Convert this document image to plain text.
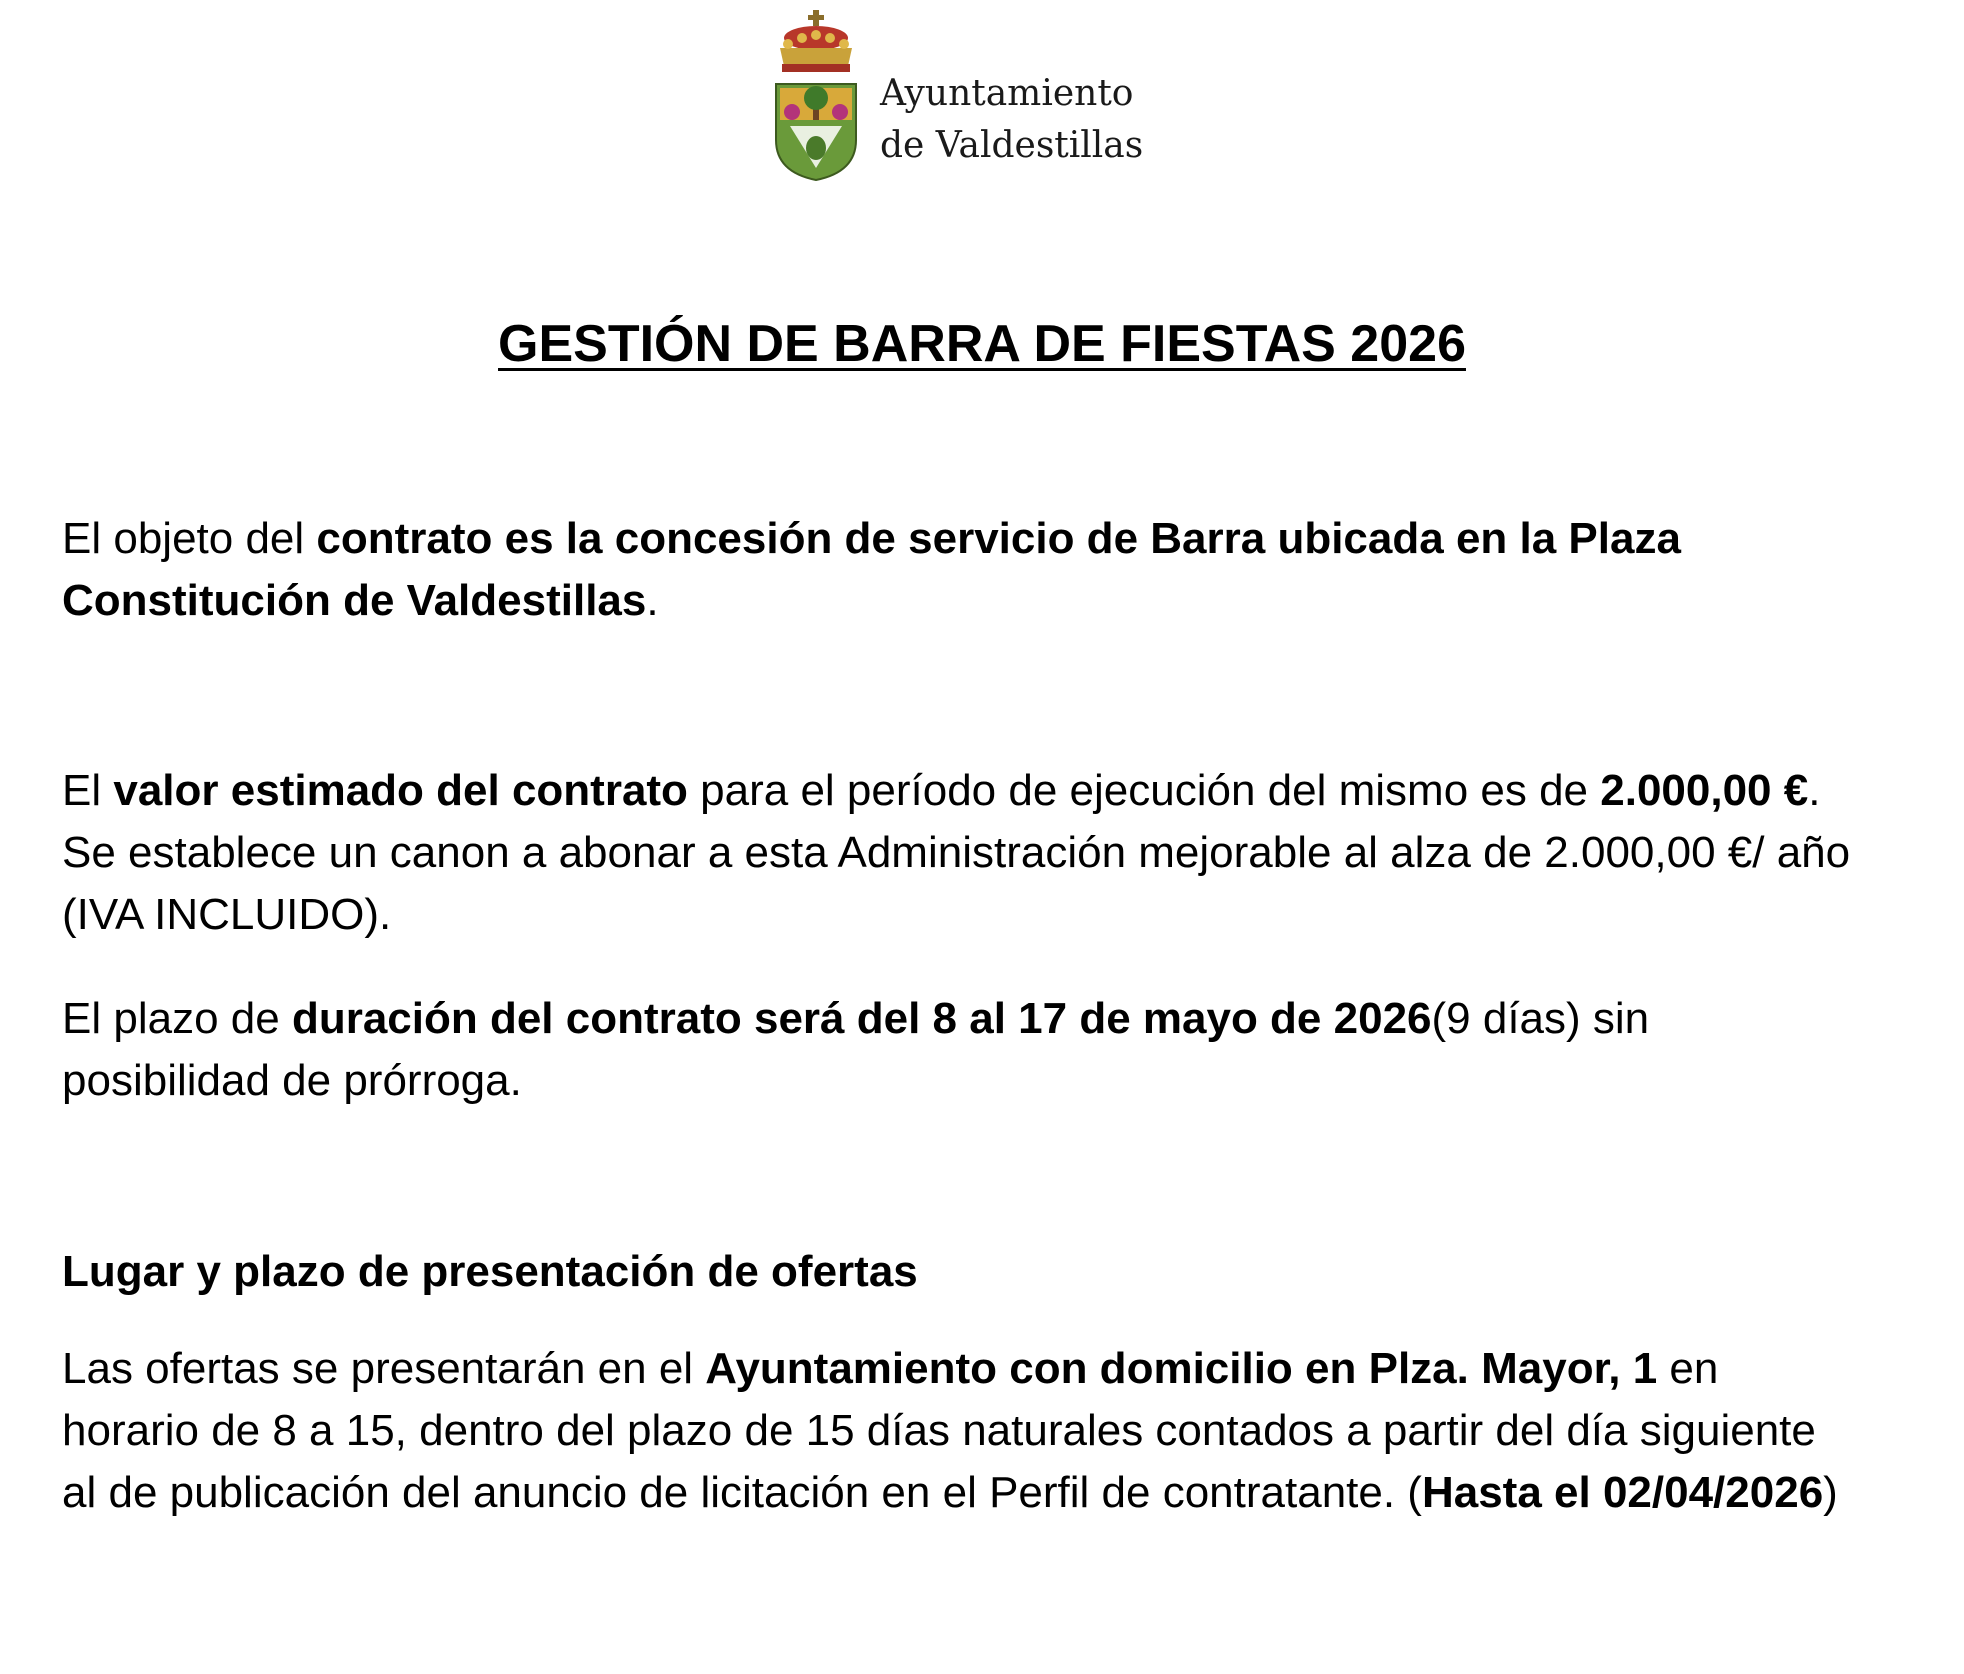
Ayuntamiento
de Valdestillas
GESTIÓN DE BARRA DE FIESTAS 2026

El objeto del contrato es la concesión de servicio de Barra ubicada en la Plaza Constitución de Valdestillas.

El valor estimado del contrato para el período de ejecución del mismo es de 2.000,00 €. Se establece un canon a abonar a esta Administración mejorable al alza de 2.000,00 €/ año (IVA INCLUIDO).

El plazo de duración del contrato será del 8 al 17 de mayo de 2026(9 días) sin posibilidad de prórroga.

Lugar y plazo de presentación de ofertas

Las ofertas se presentarán en el Ayuntamiento con domicilio en Plza. Mayor, 1 en horario de 8 a 15, dentro del plazo de 15 días naturales contados a partir del día siguiente al de publicación del anuncio de licitación en el Perfil de contratante. (Hasta el 02/04/2026)
